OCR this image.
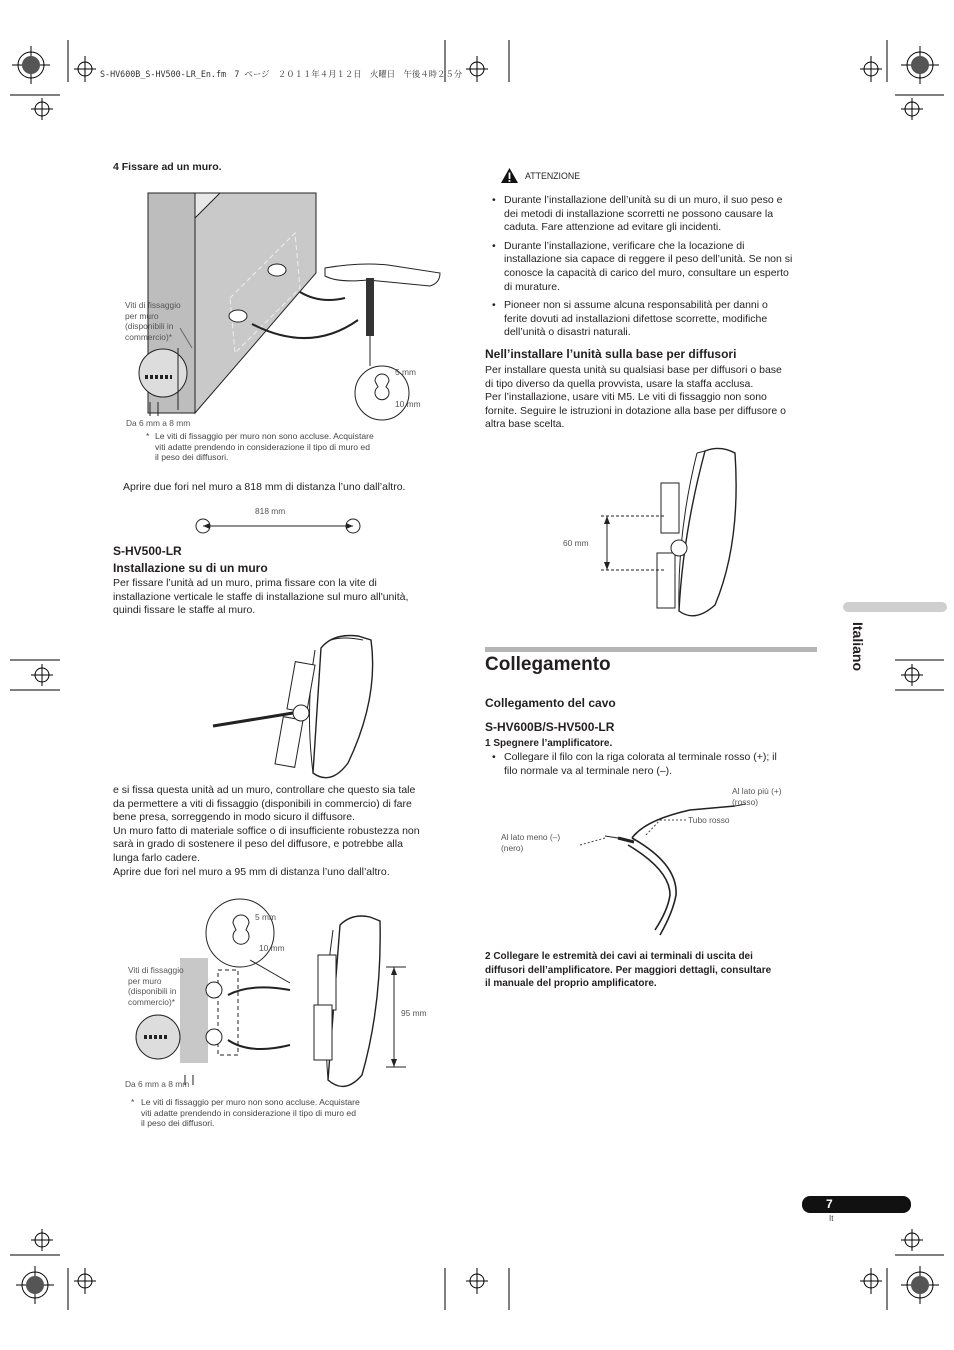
S-HV600B_S-HV500-LR_En.fm　7 ページ　２０１１年４月１２日　火曜日　午後４時２５分
4 Fissare ad un muro.
Viti di fissaggio
per muro
(disponibili in
commercio)*
Da 6 mm a 8 mm
5 mm
10 mm
* Le viti di fissaggio per muro non sono accluse. Acquistare
viti adatte prendendo in considerazione il tipo di muro ed
il peso dei diffusori.
Aprire due fori nel muro a 818 mm di distanza l’uno dall’altro.
818 mm
S-HV500-LR
Installazione su di un muro
Per fissare l’unità ad un muro, prima fissare con la vite di
installazione verticale le staffe di installazione sul muro all'unità,
quindi fissare le staffe al muro.
e si fissa questa unità ad un muro, controllare che questo sia tale
da permettere a viti di fissaggio (disponibili in commercio) di fare
bene presa, sorreggendo in modo sicuro il diffusore.
Un muro fatto di materiale soffice o di insufficiente robustezza non
sarà in grado di sostenere il peso del diffusore, e potrebbe alla
lunga farlo cadere.
Aprire due fori nel muro a 95 mm di distanza l’uno dall’altro.
5 mm
10 mm
Viti di fissaggio
per muro
(disponibili in
commercio)*
95 mm
Da 6 mm a 8 mm
* Le viti di fissaggio per muro non sono accluse. Acquistare
viti adatte prendendo in considerazione il tipo di muro ed
il peso dei diffusori.
ATTENZIONE
• Durante l’installazione dell’unità su di un muro, il suo peso e
dei metodi di installazione scorretti ne possono causare la
caduta. Fare attenzione ad evitare gli incidenti.
• Durante l’installazione, verificare che la locazione di
installazione sia capace di reggere il peso dell’unità. Se non si
conosce la capacità di carico del muro, consultare un esperto
di murature.
• Pioneer non si assume alcuna responsabilità per danni o
ferite dovuti ad installazioni difettose scorrette, modifiche
dell’unità o disastri naturali.
Nell’installare l’unità sulla base per diffusori
Per installare questa unità su qualsiasi base per diffusori o base
di tipo diverso da quella provvista, usare la staffa acclusa.
Per l’installazione, usare viti M5. Le viti di fissaggio non sono
fornite. Seguire le istruzioni in dotazione alla base per diffusore o
altra base scelta.
60 mm
Collegamento
Collegamento del cavo
S-HV600B/S-HV500-LR
1 Spegnere l’amplificatore.
• Collegare il filo con la riga colorata al terminale rosso (+); il
filo normale va al terminale nero (–).
Al lato più (+)
(rosso)
Tubo rosso
Al lato meno (–)
(nero)
2 Collegare le estremità dei cavi ai terminali di uscita dei
diffusori dell’amplificatore. Per maggiori dettagli, consultare
il manuale del proprio amplificatore.
Italiano
7
It
